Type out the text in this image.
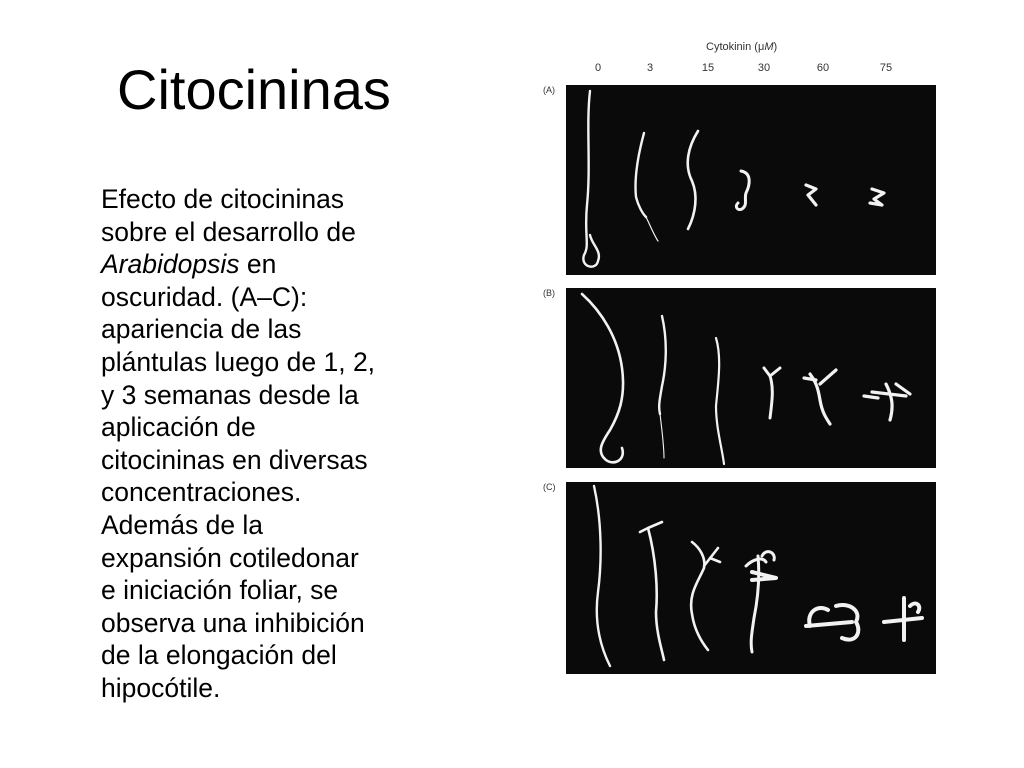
Citocininas

Efecto de citocininas
sobre el desarrollo de
Arabidopsis en
oscuridad. (A–C):
apariencia de las
plántulas luego de 1, 2,
y 3 semanas desde la
aplicación de
citocininas en diversas
concentraciones.
Además de la
expansión cotiledonar
e iniciación foliar, se
observa una inhibición
de la elongación del
hipocótile.

Cytokinin (μM)
0	3	15	30	60	75
(A)
(B)
(C)
